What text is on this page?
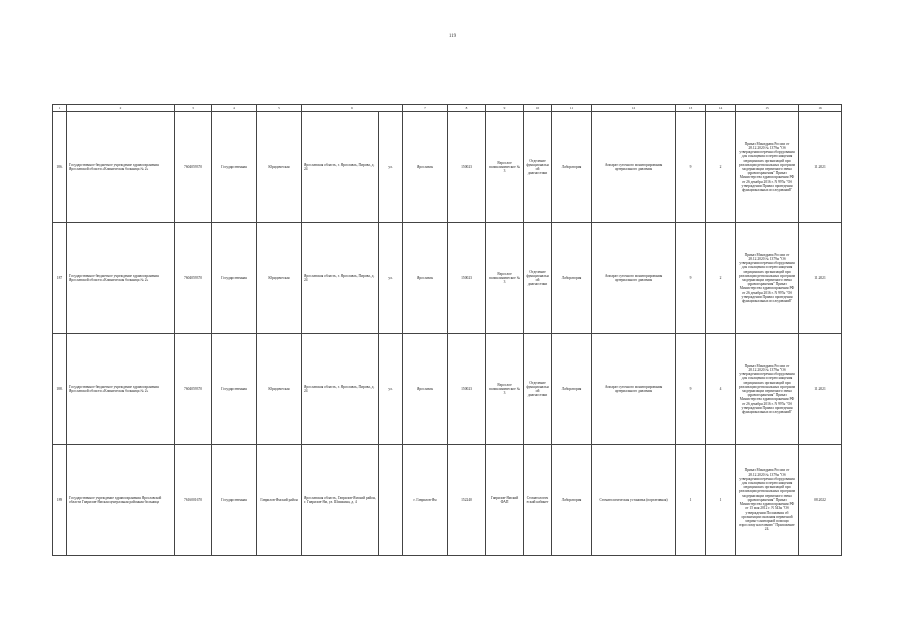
119
1	2	3	4	5	6		7	8	9	10	11	12	13	14	15	16
186.	Государственное бюджетное учреждение здравоохранения Ярославской области «Клиническая больница № 2»	7604059370	Государственная	Юридическая	Ярославская область, г. Ярославль, Пирова, д. 24	ул.	Ярославль	150023	Взрослое поликлиническое № 3	Отделение функциональной диагностики	Лаборатория	Аппарат суточного мониторирования артериального давления	9	2	Приказ Минздрава России от 28.12.2020 № 1379н "Об утверждении перечня оборудования для оснащения и переоснащения медицинских организаций при реализации региональных программ модернизации первичного звена здравоохранения" Приказ Министерства здравоохранения РФ от 26 декабря 2016 г. N 997н "Об утверждении Правил проведения функциональных исследований"	11.2021
187	Государственное бюджетное учреждение здравоохранения Ярославской области «Клиническая больница № 2»	7604059370	Государственная	Юридическая	Ярославская область, г. Ярославль, Пирова, д. 24	ул.	Ярославль	150023	Взрослое поликлиническое № 3	Отделение функциональной диагностики	Лаборатория	Аппарат суточного мониторирования артериального давления	9	2	Приказ Минздрава России от 28.12.2020 № 1379н "Об утверждении перечня оборудования для оснащения и переоснащения медицинских организаций при реализации региональных программ модернизации первичного звена здравоохранения" Приказ Министерства здравоохранения РФ от 26 декабря 2016 г. N 997н "Об утверждении Правил проведения функциональных исследований"	11.2021
188.	Государственное бюджетное учреждение здравоохранения Ярославской области «Клиническая больница № 2»	7604059370	Государственная	Юридическая	Ярославская область, г. Ярославль, Пирова, д. 24	ул.	Ярославль	150023	Взрослое поликлиническое № 3	Отделение функциональной диагностики	Лаборатория	Аппарат суточного мониторирования артериального давления	9	4	Приказ Минздрава России от 28.12.2020 № 1379н "Об утверждении перечня оборудования для оснащения и переоснащения медицинских организаций при реализации региональных программ модернизации первичного звена здравоохранения" Приказ Министерства здравоохранения РФ от 26 декабря 2016 г. N 997н "Об утверждении Правил проведения функциональных исследований"	11.2021
189	Государственное учреждение здравоохранения Ярославской области Гаврилов-Ямская центральная районная больница	7616001670	Государственная	Гаврилов-Ямский район	Ярославская область, Гаврилов-Ямский район, г. Гаврилов-Ям, ул. Шишкина, д. 4		г. Гаврилов-Ям	152240	Гаврилов-Ямский ФАП	Стоматологический кабинет	Лаборатория	Стоматологическая установка (портативная)	1	1	Приказ Минздрава России от 28.12.2020 № 1379н "Об утверждении перечня оборудования для оснащения и переоснащения медицинских организаций при реализации региональных программ модернизации первичного звена здравоохранения" Приказ Министерства здравоохранения РФ от 15 мая 2012 г. N 543н "Об утверждении Положения об организации оказания первичной медико-санитарной помощи взрослому населению" Приложение 24.	08.2022
